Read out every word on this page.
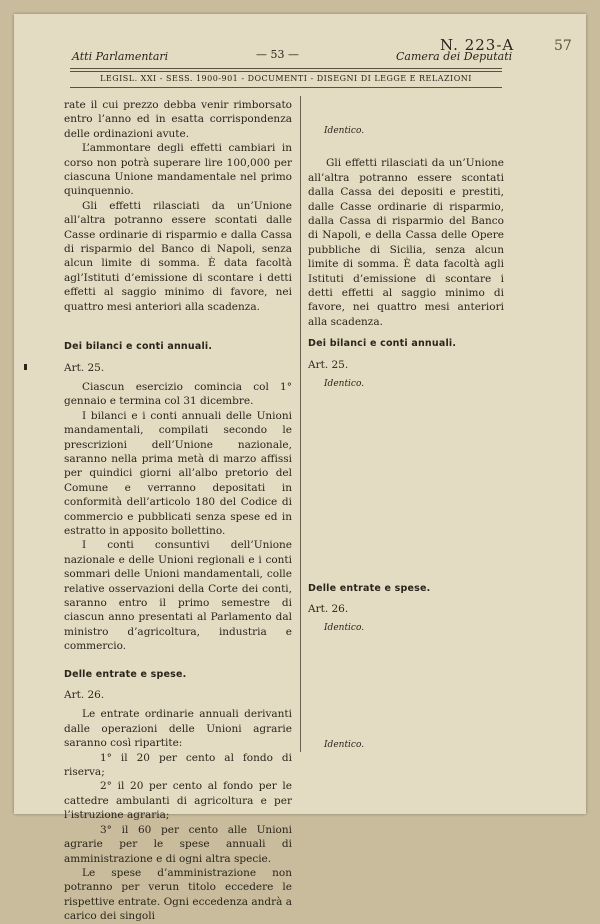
Atti Parlamentari	— 53 —	Camera dei Deputati
N. 223-A	57
LEGISL. XXI - SESS. 1900-901 - DOCUMENTI - DISEGNI DI LEGGE E RELAZIONI

rate il cui prezzo debba venir rimborsato entro l’anno ed in esatta corrispondenza delle ordinazioni avute.

L’ammontare degli effetti cambiari in corso non potrà superare lire 100,000 per ciascuna Unione mandamentale nel primo quinquennio.

Gli effetti rilasciati da un’Unione all’altra potranno essere scontati dalle Casse ordinarie di risparmio e dalla Cassa di risparmio del Banco di Napoli, senza alcun limite di somma. È data facoltà agl’Istituti d’emissione di scontare i detti effetti al saggio minimo di favore, nei quattro mesi anteriori alla scadenza.

Dei bilanci e conti annuali.

Art. 25.

Ciascun esercizio comincia col 1° gennaio e termina col 31 dicembre.

I bilanci e i conti annuali delle Unioni mandamentali, compilati secondo le prescrizioni dell’Unione nazionale, saranno nella prima metà di marzo affissi per quindici giorni all’albo pretorio del Comune e verranno depositati in conformità dell’articolo 180 del Codice di commercio e pubblicati senza spese ed in estratto in apposito bollettino.

I conti consuntivi dell’Unione nazionale e delle Unioni regionali e i conti sommari delle Unioni mandamentali, colle relative osservazioni della Corte dei conti, saranno entro il primo semestre di ciascun anno presentati al Parlamento dal ministro d’agricoltura, industria e commercio.

Delle entrate e spese.

Art. 26.

Le entrate ordinarie annuali derivanti dalle operazioni delle Unioni agrarie saranno così ripartite:

1° il 20 per cento al fondo di riserva;

2° il 20 per cento al fondo per le cattedre ambulanti di agricoltura e per l’istruzione agraria;

3° il 60 per cento alle Unioni agrarie per le spese annuali di amministrazione e di ogni altra specie.

Le spese d’amministrazione non potranno per verun titolo eccedere le rispettive entrate. Ogni eccedenza andrà a carico dei singoli

Identico.

Gli effetti rilasciati da un’Unione all’altra potranno essere scontati dalla Cassa dei depositi e prestiti, dalle Casse ordinarie di risparmio, dalla Cassa di risparmio del Banco di Napoli, e della Cassa delle Opere pubbliche di Sicilia, senza alcun limite di somma. È data facoltà agli Istituti d’emissione di scontare i detti effetti al saggio minimo di favore, nei quattro mesi anteriori alla scadenza.

Dei bilanci e conti annuali.

Art. 25.

Identico.

Delle entrate e spese.

Art. 26.

Identico.

Identico.
